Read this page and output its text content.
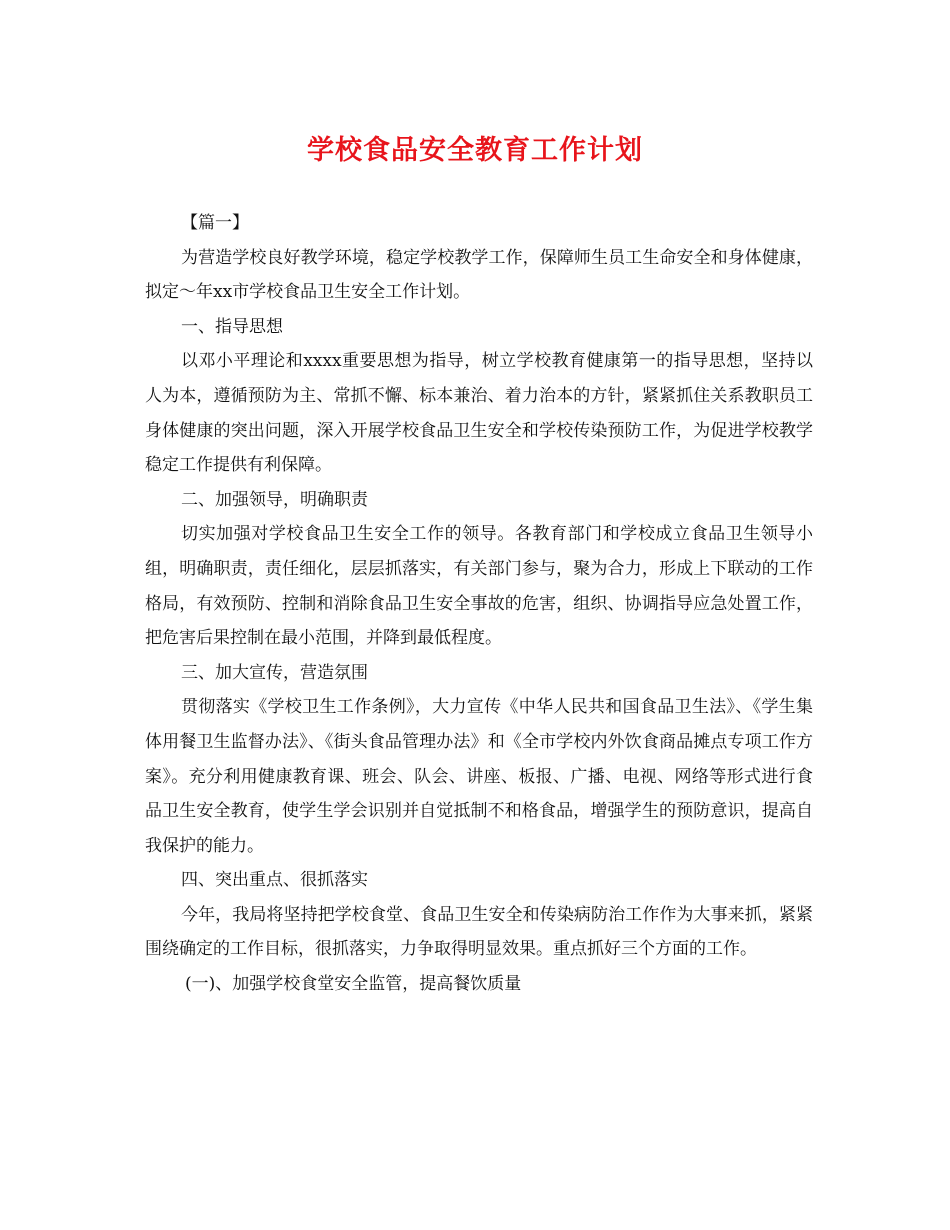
学校食品安全教育工作计划

【篇一】

为营造学校良好教学环境，稳定学校教学工作，保障师生员工生命安全和身体健康，拟定～年xx市学校食品卫生安全工作计划。

一、指导思想

以邓小平理论和xxxx重要思想为指导，树立学校教育健康第一的指导思想，坚持以人为本，遵循预防为主、常抓不懈、标本兼治、着力治本的方针，紧紧抓住关系教职员工身体健康的突出问题，深入开展学校食品卫生安全和学校传染预防工作，为促进学校教学稳定工作提供有利保障。

二、加强领导，明确职责

切实加强对学校食品卫生安全工作的领导。各教育部门和学校成立食品卫生领导小组，明确职责，责任细化，层层抓落实，有关部门参与，聚为合力，形成上下联动的工作格局，有效预防、控制和消除食品卫生安全事故的危害，组织、协调指导应急处置工作，把危害后果控制在最小范围，并降到最低程度。

三、加大宣传，营造氛围

贯彻落实《学校卫生工作条例》，大力宣传《中华人民共和国食品卫生法》、《学生集体用餐卫生监督办法》、《街头食品管理办法》和《全市学校内外饮食商品摊点专项工作方案》。充分利用健康教育课、班会、队会、讲座、板报、广播、电视、网络等形式进行食品卫生安全教育，使学生学会识别并自觉抵制不和格食品，增强学生的预防意识，提高自我保护的能力。

四、突出重点、很抓落实

今年，我局将坚持把学校食堂、食品卫生安全和传染病防治工作作为大事来抓，紧紧围绕确定的工作目标，很抓落实，力争取得明显效果。重点抓好三个方面的工作。

(一)、加强学校食堂安全监管，提高餐饮质量
